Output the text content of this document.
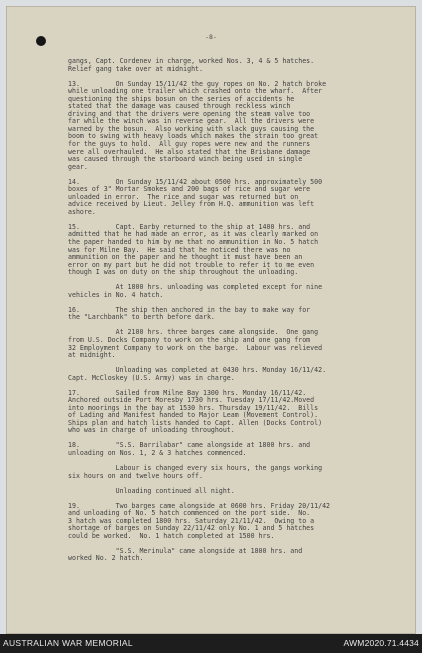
-8-
gangs, Capt. Cordenev in charge, worked Nos. 3, 4 & 5 hatches.
Relief gang take over at midnight.
13.         On Sunday 15/11/42 the guy ropes on No. 2 hatch broke
while unloading one trailer which crashed onto the wharf.  After
questioning the ships bosun on the series of accidents he
stated that the damage was caused through reckless winch
driving and that the drivers were opening the steam valve too
far while the winch was in reverse gear.  All the drivers were
warned by the bosun.  Also working with slack guys causing the
boom to swing with heavy loads which makes the strain too great
for the guys to hold.  All guy ropes were new and the runners
were all overhauled.  He also stated that the Brisbane damage
was caused through the starboard winch being used in single
gear.
14.         On Sunday 15/11/42 about 0500 hrs. approximately 500
boxes of 3" Mortar Smokes and 200 bags of rice and sugar were
unloaded in error.  The rice and sugar was returned but on
advice received by Lieut. Jelley from H.Q. ammunition was left
ashore.
15.         Capt. Earby returned to the ship at 1400 hrs. and
admitted that he had made an error, as it was clearly marked on
the paper handed to him by me that no ammunition in No. 5 hatch
was for Milne Bay.  He said that he noticed there was no
ammunition on the paper and he thought it must have been an
error on my part but he did not trouble to refer it to me even
though I was on duty on the ship throughout the unloading.
At 1800 hrs. unloading was completed except for nine
vehicles in No. 4 hatch.
16.         The ship then anchored in the bay to make way for
the "Larchbank" to berth before dark.
At 2100 hrs. three barges came alongside.  One gang
from U.S. Docks Company to work on the ship and one gang from
32 Employment Company to work on the barge.  Labour was relieved
at midnight.
Unloading was completed at 0430 hrs. Monday 16/11/42.
Capt. McCloskey (U.S. Army) was in charge.
17.         Sailed from Milne Bay 1300 hrs. Monday 16/11/42.
Anchored outside Port Moresby 1730 hrs. Tuesday 17/11/42.Moved
into moorings in the bay at 1530 hrs. Thursday 19/11/42.  Bills
of Lading and Manifest handed to Major Leam (Movement Control).
Ships plan and hatch lists handed to Capt. Allen (Docks Control)
who was in charge of unloading throughout.
18.         "S.S. Barrilabar" came alongside at 1800 hrs. and
unloading on Nos. 1, 2 & 3 hatches commenced.
Labour is changed every six hours, the gangs working
six hours on and twelve hours off.
Unloading continued all night.
19.         Two barges came alongside at 0600 hrs. Friday 20/11/42
and unloading of No. 5 hatch commenced on the port side.  No.
3 hatch was completed 1800 hrs. Saturday 21/11/42.  Owing to a
shortage of barges on Sunday 22/11/42 only No. 1 and 5 hatches
could be worked.  No. 1 hatch completed at 1500 hrs.
"S.S. Merinula" came alongside at 1800 hrs. and
worked No. 2 hatch.
AUSTRALIAN WAR MEMORIAL	AWM2020.71.4434
